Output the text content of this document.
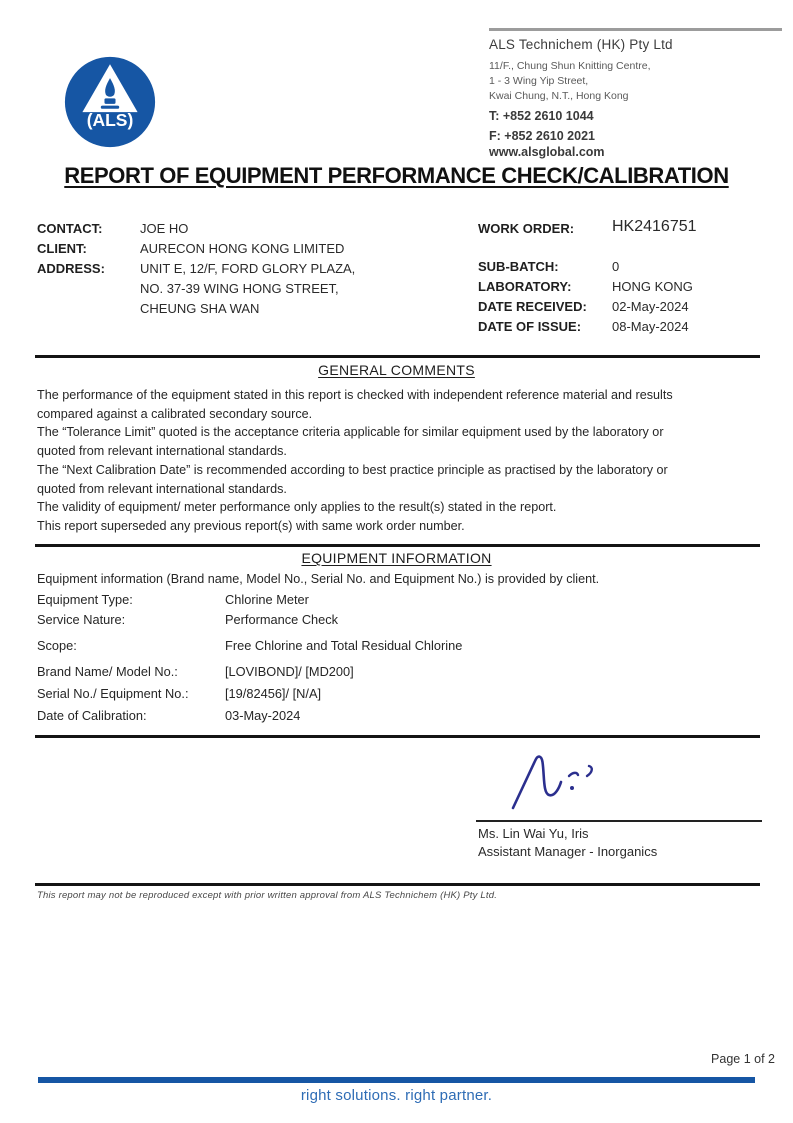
(ALS)

ALS Technichem (HK) Pty Ltd

11/F., Chung Shun Knitting Centre,

1 - 3 Wing Yip Street,

Kwai Chung, N.T., Hong Kong

T: +852 2610 1044
F: +852 2610 2021
www.alsglobal.com
REPORT OF EQUIPMENT PERFORMANCE CHECK/CALIBRATION
CONTACT:	JOE HO
CLIENT:	AURECON HONG KONG LIMITED
ADDRESS:	UNIT E, 12/F, FORD GLORY PLAZA,
NO. 37-39 WING HONG STREET,
CHEUNG SHA WAN
WORK ORDER: HK2416751
SUB-BATCH:	0
LABORATORY:	HONG KONG
DATE RECEIVED: 02-May-2024
DATE OF ISSUE: 08-May-2024
GENERAL COMMENTS

The performance of the equipment stated in this report is checked with independent reference material and results compared against a calibrated secondary source.

The “Tolerance Limit” quoted is the acceptance criteria applicable for similar equipment used by the laboratory or quoted from relevant international standards.

The “Next Calibration Date” is recommended according to best practice principle as practised by the laboratory or quoted from relevant international standards.

The validity of equipment/ meter performance only applies to the result(s) stated in the report.

This report superseded any previous report(s) with same work order number.

EQUIPMENT INFORMATION
Equipment information (Brand name, Model No., Serial No. and Equipment No.) is provided by client.
Equipment Type:	Chlorine Meter
Service Nature:	Performance Check
Scope:	Free Chlorine and Total Residual Chlorine
Brand Name/ Model No.:	[LOVIBOND]/ [MD200]
Serial No./ Equipment No.:	[19/82456]/ [N/A]
Date of Calibration:	03-May-2024
Ms. Lin Wai Yu, Iris
Assistant Manager - Inorganics
This report may not be reproduced except with prior written approval from ALS Technichem (HK) Pty Ltd.
Page 1 of 2
right solutions. right partner.
